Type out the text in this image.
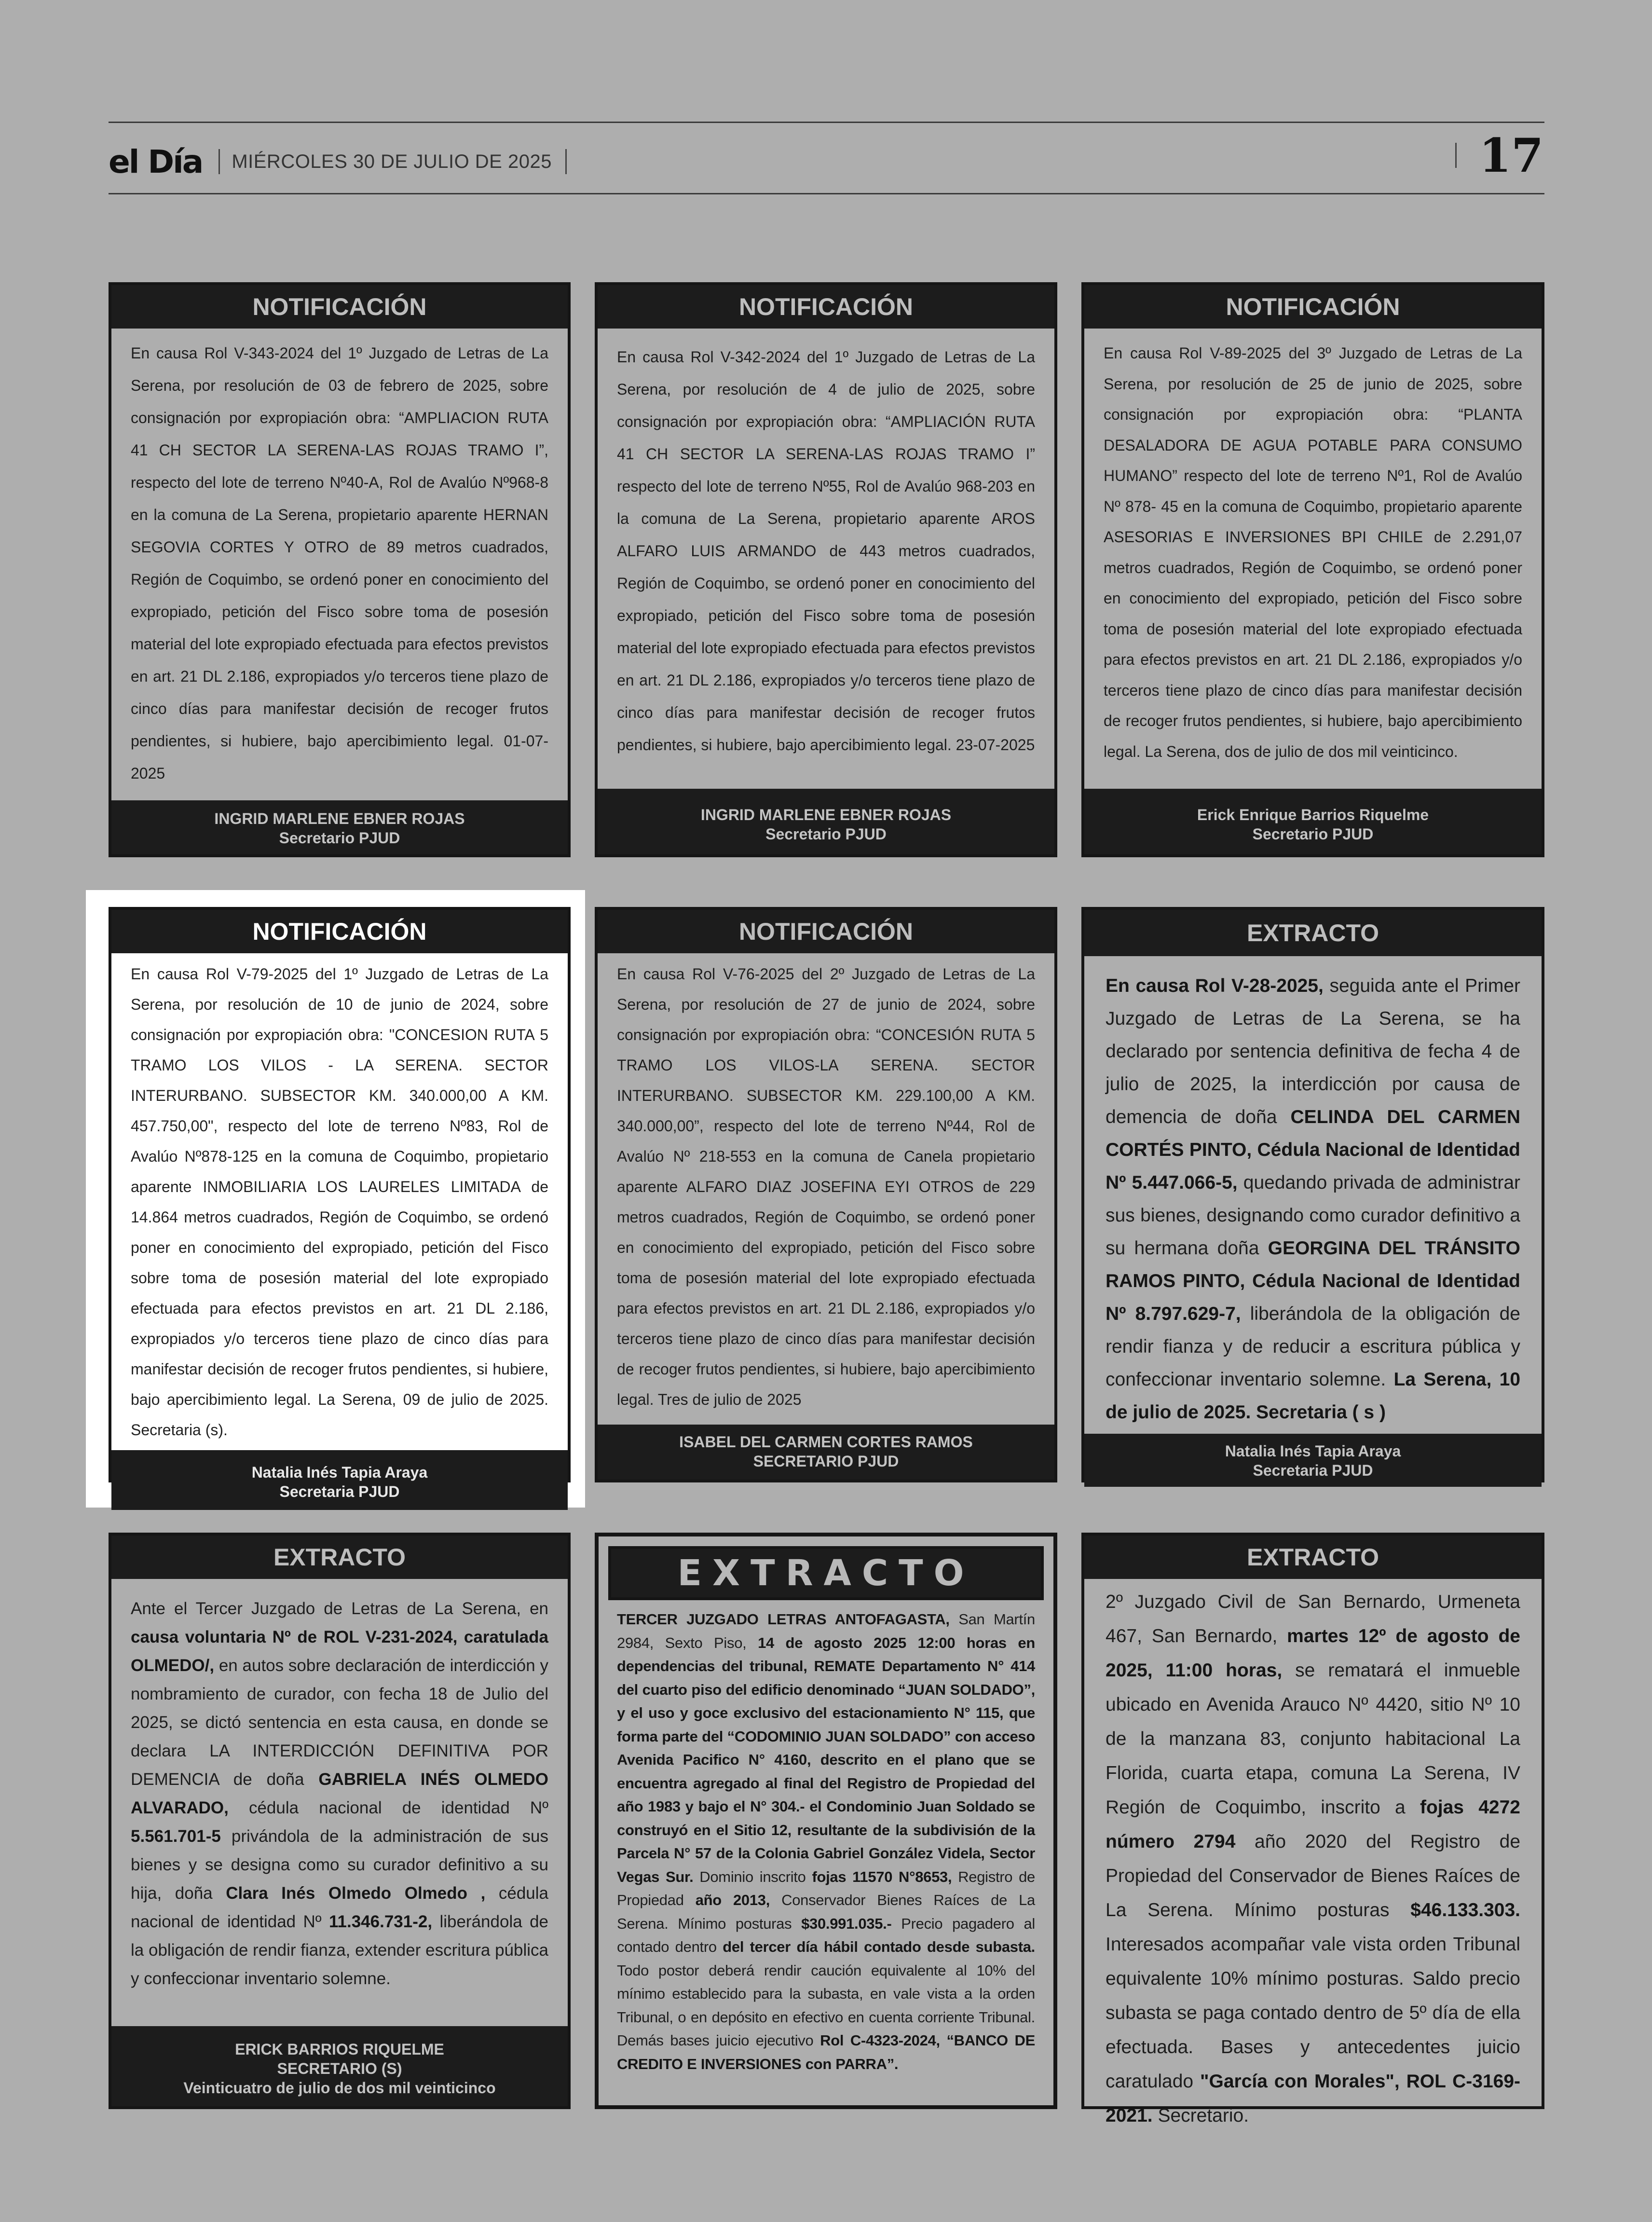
el Día MIÉRCOLES 30 DE JULIO DE 2025	17
NOTIFICACIÓN
En causa Rol V-343-2024 del 1º Juzgado de Letras de La Serena, por resolución de 03 de febrero de 2025, sobre consignación por expropiación obra: “AMPLIACION RUTA 41 CH SECTOR LA SERENA-LAS ROJAS TRAMO I”, respecto del lote de terreno Nº40-A, Rol de Avalúo Nº968-8 en la comuna de La Serena, propietario aparente HERNAN SEGOVIA CORTES Y OTRO de 89 metros cuadrados, Región de Coquimbo, se ordenó poner en conocimiento del expropiado, petición del Fisco sobre toma de posesión material del lote expropiado efectuada para efectos previstos en art. 21 DL 2.186, expropiados y/o terceros tiene plazo de cinco días para manifestar decisión de recoger frutos pendientes, si hubiere, bajo apercibimiento legal. 01-07-2025
INGRID MARLENE EBNER ROJAS
Secretario PJUD
NOTIFICACIÓN
En causa Rol V-342-2024 del 1º Juzgado de Letras de La Serena, por resolución de 4 de julio de 2025, sobre consignación por expropiación obra: “AMPLIACIÓN RUTA 41 CH SECTOR LA SERENA-LAS ROJAS TRAMO I” respecto del lote de terreno Nº55, Rol de Avalúo 968-203 en la comuna de La Serena, propietario aparente AROS ALFARO LUIS ARMANDO de 443 metros cuadrados, Región de Coquimbo, se ordenó poner en conocimiento del expropiado, petición del Fisco sobre toma de posesión material del lote expropiado efectuada para efectos previstos en art. 21 DL 2.186, expropiados y/o terceros tiene plazo de cinco días para manifestar decisión de recoger frutos pendientes, si hubiere, bajo apercibimiento legal. 23-07-2025
INGRID MARLENE EBNER ROJAS
Secretario PJUD
NOTIFICACIÓN
En causa Rol V-89-2025 del 3º Juzgado de Letras de La Serena, por resolución de 25 de junio de 2025, sobre consignación por expropiación obra: “PLANTA DESALADORA DE AGUA POTABLE PARA CONSUMO HUMANO” respecto del lote de terreno Nº1, Rol de Avalúo Nº 878- 45 en la comuna de Coquimbo, propietario aparente ASESORIAS E INVERSIONES BPI CHILE de 2.291,07 metros cuadrados, Región de Coquimbo, se ordenó poner en conocimiento del expropiado, petición del Fisco sobre toma de posesión material del lote expropiado efectuada para efectos previstos en art. 21 DL 2.186, expropiados y/o terceros tiene plazo de cinco días para manifestar decisión de recoger frutos pendientes, si hubiere, bajo apercibimiento legal. La Serena, dos de julio de dos mil veinticinco.
Erick Enrique Barrios Riquelme
Secretario PJUD
NOTIFICACIÓN
En causa Rol V-79-2025 del 1º Juzgado de Letras de La Serena, por resolución de 10 de junio de 2024, sobre consignación por expropiación obra: "CONCESION RUTA 5 TRAMO LOS VILOS - LA SERENA. SECTOR INTERURBANO. SUBSECTOR KM. 340.000,00 A KM. 457.750,00", respecto del lote de terreno Nº83, Rol de Avalúo Nº878-125 en la comuna de Coquimbo, propietario aparente INMOBILIARIA LOS LAURELES LIMITADA de 14.864 metros cuadrados, Región de Coquimbo, se ordenó poner en conocimiento del expropiado, petición del Fisco sobre toma de posesión material del lote expropiado efectuada para efectos previstos en art. 21 DL 2.186, expropiados y/o terceros tiene plazo de cinco días para manifestar decisión de recoger frutos pendientes, si hubiere, bajo apercibimiento legal. La Serena, 09 de julio de 2025. Secretaria (s).
Natalia Inés Tapia Araya
Secretaria PJUD
NOTIFICACIÓN
En causa Rol V-76-2025 del 2º Juzgado de Letras de La Serena, por resolución de 27 de junio de 2024, sobre consignación por expropiación obra: “CONCESIÓN RUTA 5 TRAMO LOS VILOS-LA SERENA. SECTOR INTERURBANO. SUBSECTOR KM. 229.100,00 A KM. 340.000,00”, respecto del lote de terreno Nº44, Rol de Avalúo Nº 218-553 en la comuna de Canela propietario aparente ALFARO DIAZ JOSEFINA EYI OTROS de 229 metros cuadrados, Región de Coquimbo, se ordenó poner en conocimiento del expropiado, petición del Fisco sobre toma de posesión material del lote expropiado efectuada para efectos previstos en art. 21 DL 2.186, expropiados y/o terceros tiene plazo de cinco días para manifestar decisión de recoger frutos pendientes, si hubiere, bajo apercibimiento legal. Tres de julio de 2025
ISABEL DEL CARMEN CORTES RAMOS
SECRETARIO PJUD
EXTRACTO
En causa Rol V-28-2025, seguida ante el Primer Juzgado de Letras de La Serena, se ha declarado por sentencia definitiva de fecha 4 de julio de 2025, la interdicción por causa de demencia de doña CELINDA DEL CARMEN CORTÉS PINTO, Cédula Nacional de Identidad Nº 5.447.066-5, quedando privada de administrar sus bienes, designando como curador definitivo a su hermana doña GEORGINA DEL TRÁNSITO RAMOS PINTO, Cédula Nacional de Identidad Nº 8.797.629-7, liberándola de la obligación de rendir fianza y de reducir a escritura pública y confeccionar inventario solemne. La Serena, 10 de julio de 2025. Secretaria ( s )
Natalia Inés Tapia Araya
Secretaria PJUD
EXTRACTO
Ante el Tercer Juzgado de Letras de La Serena, en causa voluntaria Nº de ROL V-231-2024, caratulada OLMEDO/, en autos sobre declaración de interdicción y nombramiento de curador, con fecha 18 de Julio del 2025, se dictó sentencia en esta causa, en donde se declara LA INTERDICCIÓN DEFINITIVA POR DEMENCIA de doña GABRIELA INÉS OLMEDO ALVARADO, cédula nacional de identidad Nº 5.561.701-5 privándola de la administración de sus bienes y se designa como su curador definitivo a su hija, doña Clara Inés Olmedo Olmedo , cédula nacional de identidad Nº 11.346.731-2, liberándola de la obligación de rendir fianza, extender escritura pública y confeccionar inventario solemne.
ERICK BARRIOS RIQUELME
SECRETARIO (S)
Veinticuatro de julio de dos mil veinticinco
EXTRACTO
TERCER JUZGADO LETRAS ANTOFAGASTA, San Martín 2984, Sexto Piso, 14 de agosto 2025 12:00 horas en dependencias del tribunal, REMATE Departamento N° 414 del cuarto piso del edificio denominado “JUAN SOLDADO”, y el uso y goce exclusivo del estacionamiento N° 115, que forma parte del “CODOMINIO JUAN SOLDADO” con acceso Avenida Pacifico N° 4160, descrito en el plano que se encuentra agregado al final del Registro de Propiedad del año 1983 y bajo el N° 304.- el Condominio Juan Soldado se construyó en el Sitio 12, resultante de la subdivisión de la Parcela N° 57 de la Colonia Gabriel González Videla, Sector Vegas Sur. Dominio inscrito fojas 11570 N°8653, Registro de Propiedad año 2013, Conservador Bienes Raíces de La Serena. Mínimo posturas $30.991.035.- Precio pagadero al contado dentro del tercer día hábil contado desde subasta. Todo postor deberá rendir caución equivalente al 10% del mínimo establecido para la subasta, en vale vista a la orden Tribunal, o en depósito en efectivo en cuenta corriente Tribunal. Demás bases juicio ejecutivo Rol C-4323-2024, “BANCO DE CREDITO E INVERSIONES con PARRA”.
EXTRACTO
2º Juzgado Civil de San Bernardo, Urmeneta 467, San Bernardo, martes 12º de agosto de 2025, 11:00 horas, se rematará el inmueble ubicado en Avenida Arauco Nº 4420, sitio Nº 10 de la manzana 83, conjunto habitacional La Florida, cuarta etapa, comuna La Serena, IV Región de Coquimbo, inscrito a fojas 4272 número 2794 año 2020 del Registro de Propiedad del Conservador de Bienes Raíces de La Serena. Mínimo posturas $46.133.303. Interesados acompañar vale vista orden Tribunal equivalente 10% mínimo posturas. Saldo precio subasta se paga contado dentro de 5º día de ella efectuada. Bases y antecedentes juicio caratulado "García con Morales", ROL C-3169-2021. Secretario.
